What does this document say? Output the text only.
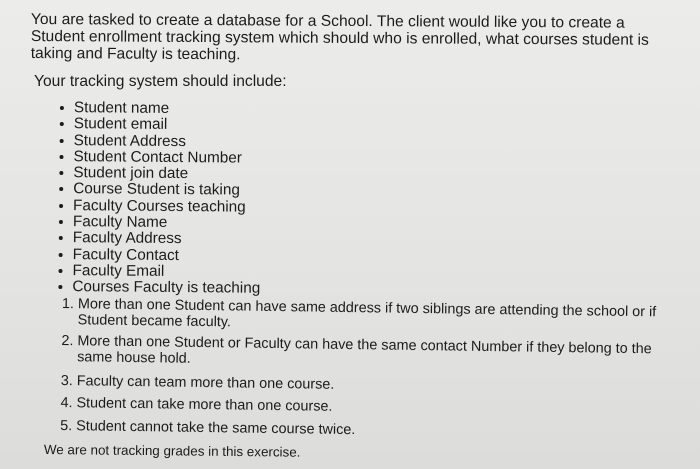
You are tasked to create a database for a School. The client would like you to create a Student enrollment tracking system which should who is enrolled, what courses student is taking and Faculty is teaching.

Your tracking system should include:

Student name
Student email
Student Address
Student Contact Number
Student join date
Course Student is taking
Faculty Courses teaching
Faculty Name
Faculty Address
Faculty Contact
Faculty Email
Courses Faculty is teaching
1. More than one Student can have same address if two siblings are attending the school or if Student became faculty.
2. More than one Student or Faculty can have the same contact Number if they belong to the same house hold.
3. Faculty can team more than one course.
4. Student can take more than one course.
5. Student cannot take the same course twice.

We are not tracking grades in this exercise.
